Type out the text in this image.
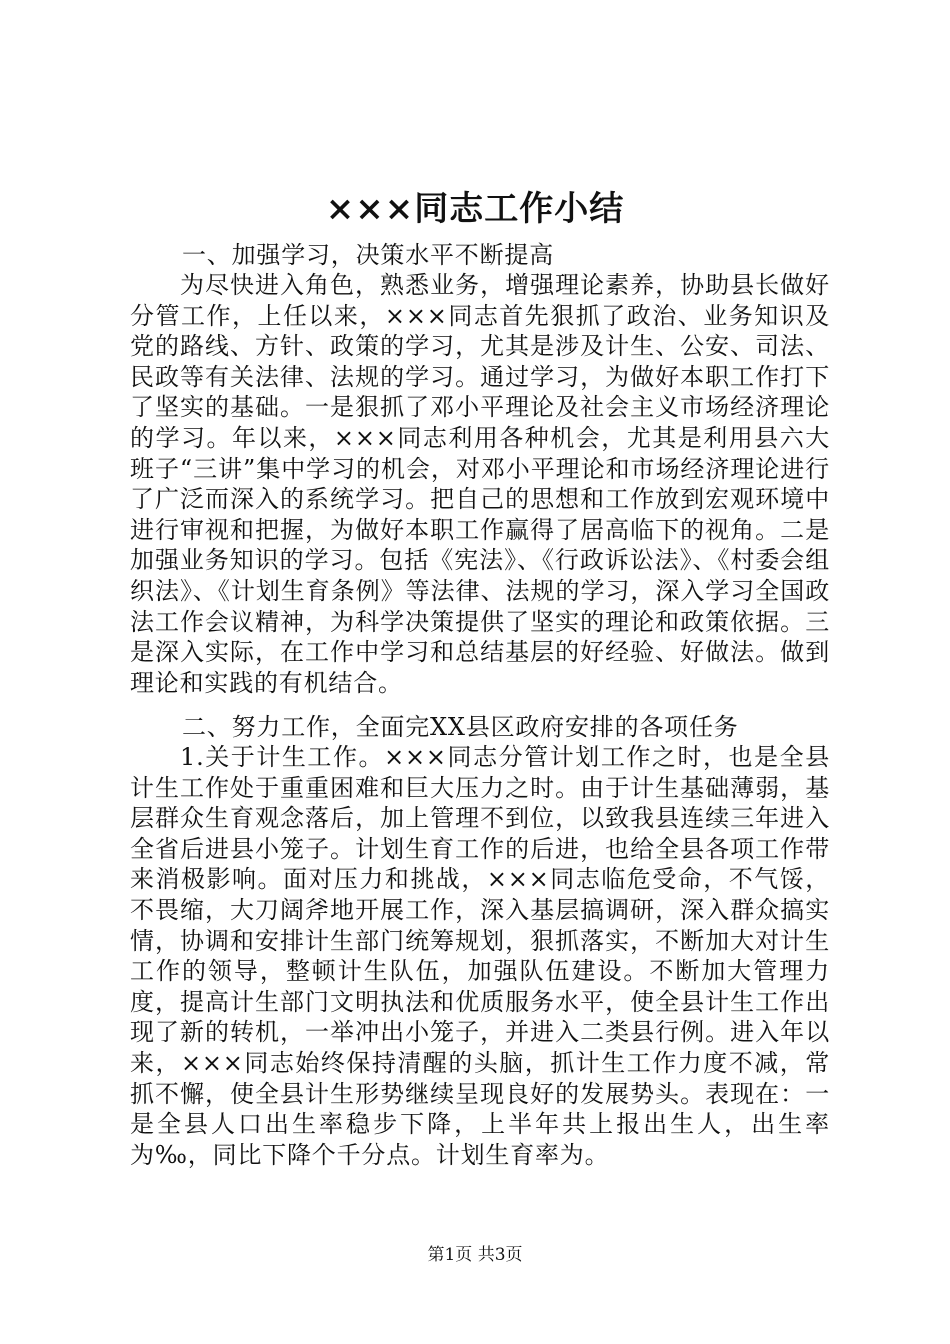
×××同志工作小结

一、加强学习，决策水平不断提高

为尽快进入角色，熟悉业务，增强理论素养，协助县长做好分管工作，上任以来，×××同志首先狠抓了政治、业务知识及党的路线、方针、政策的学习，尤其是涉及计生、公安、司法、民政等有关法律、法规的学习。通过学习，为做好本职工作打下了坚实的基础。一是狠抓了邓小平理论及社会主义市场经济理论的学习。年以来，×××同志利用各种机会，尤其是利用县六大班子“三讲”集中学习的机会，对邓小平理论和市场经济理论进行了广泛而深入的系统学习。把自己的思想和工作放到宏观环境中进行审视和把握，为做好本职工作赢得了居高临下的视角。二是加强业务知识的学习。包括《宪法》、《行政诉讼法》、《村委会组织法》、《计划生育条例》等法律、法规的学习，深入学习全国政法工作会议精神，为科学决策提供了坚实的理论和政策依据。三是深入实际，在工作中学习和总结基层的好经验、好做法。做到理论和实践的有机结合。

二、努力工作，全面完XX县区政府安排的各项任务

1.关于计生工作。×××同志分管计划工作之时，也是全县计生工作处于重重困难和巨大压力之时。由于计生基础薄弱，基层群众生育观念落后，加上管理不到位，以致我县连续三年进入全省后进县小笼子。计划生育工作的后进，也给全县各项工作带来消极影响。面对压力和挑战，×××同志临危受命，不气馁，不畏缩，大刀阔斧地开展工作，深入基层搞调研，深入群众搞实情，协调和安排计生部门统筹规划，狠抓落实，不断加大对计生工作的领导，整顿计生队伍，加强队伍建设。不断加大管理力度，提高计生部门文明执法和优质服务水平，使全县计生工作出现了新的转机，一举冲出小笼子，并进入二类县行例。进入年以来，×××同志始终保持清醒的头脑，抓计生工作力度不减，常抓不懈，使全县计生形势继续呈现良好的发展势头。表现在：一是全县人口出生率稳步下降，上半年共上报出生人，出生率为‰，同比下降个千分点。计划生育率为。

第1页 共3页
